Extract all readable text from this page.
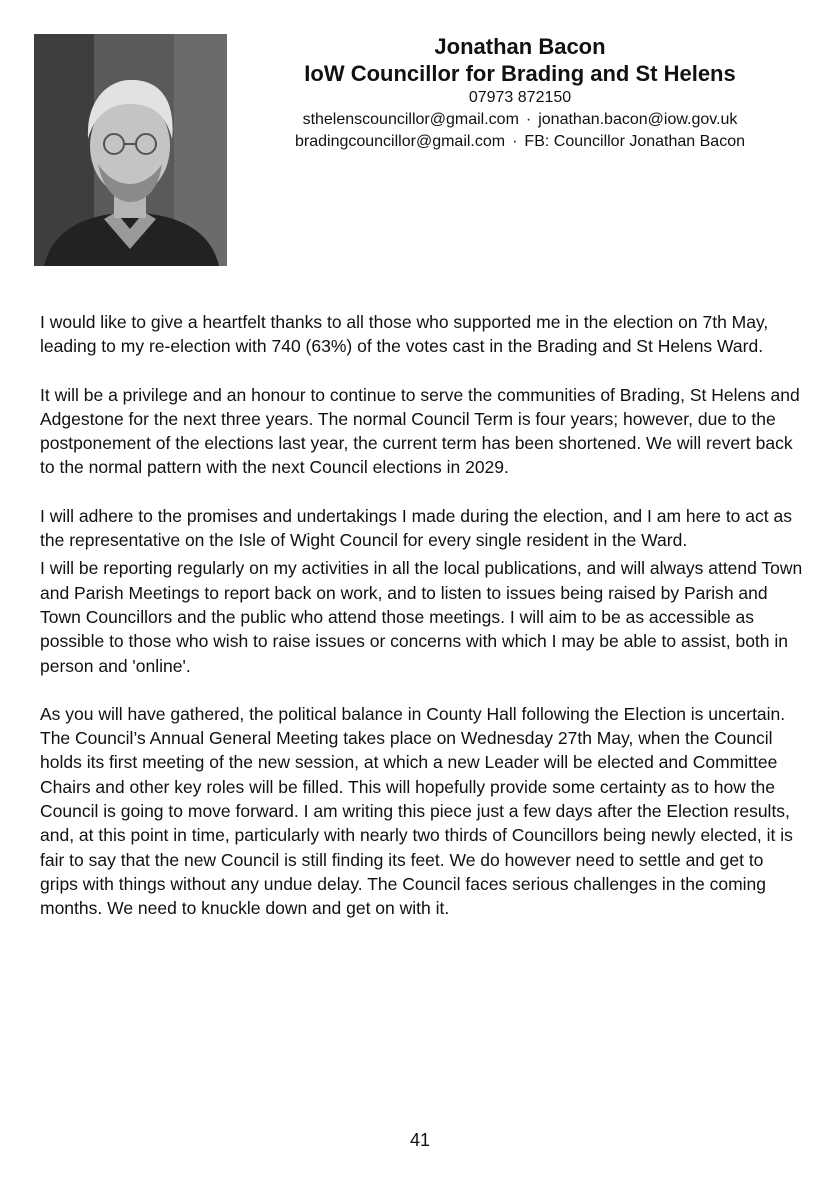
Jonathan Bacon

IoW Councillor for Brading and St Helens

07973 872150

sthelenscouncillor@gmail.com · jonathan.bacon@iow.gov.uk

bradingcouncillor@gmail.com · FB: Councillor Jonathan Bacon

I would like to give a heartfelt thanks to all those who supported me in the election on 7th May, leading to my re-election with 740 (63%) of the votes cast in the Brading and St Helens Ward.

It will be a privilege and an honour to continue to serve the communities of Brading, St Helens and Adgestone for the next three years. The normal Council Term is four years; however, due to the postponement of the elections last year, the current term has been shortened. We will revert back to the normal pattern with the next Council elections in 2029.

I will adhere to the promises and undertakings I made during the election, and I am here to act as the representative on the Isle of Wight Council for every single resident in the Ward.

I will be reporting regularly on my activities in all the local publications, and will always attend Town and Parish Meetings to report back on work, and to listen to issues being raised by Parish and Town Councillors and the public who attend those meetings. I will aim to be as accessible as possible to those who wish to raise issues or concerns with which I may be able to assist, both in person and 'online'.

As you will have gathered, the political balance in County Hall following the Election is uncertain. The Council’s Annual General Meeting takes place on Wednesday 27th May, when the Council holds its first meeting of the new session, at which a new Leader will be elected and Committee Chairs and other key roles will be filled. This will hopefully provide some certainty as to how the Council is going to move forward. I am writing this piece just a few days after the Election results, and, at this point in time, particularly with nearly two thirds of Councillors being newly elected, it is fair to say that the new Council is still finding its feet. We do however need to settle and get to grips with things without any undue delay. The Council faces serious challenges in the coming months. We need to knuckle down and get on with it.

41
